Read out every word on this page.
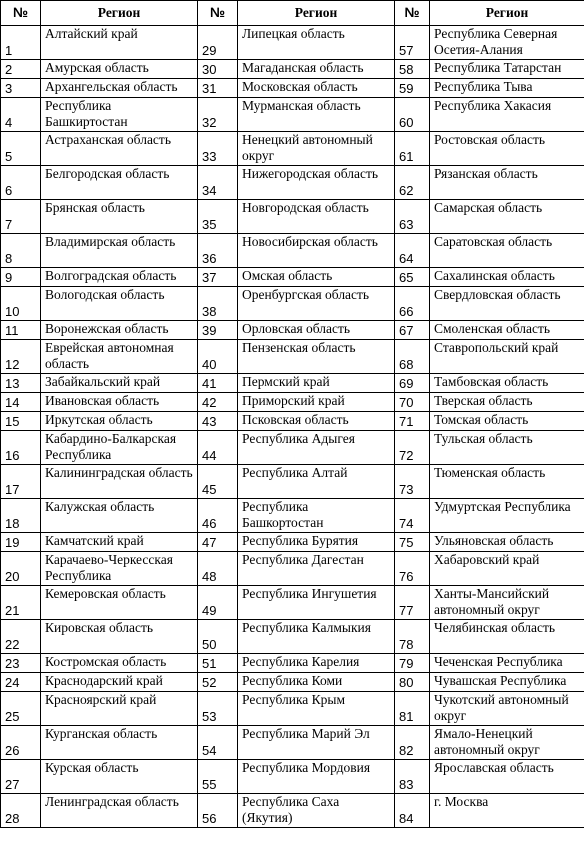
№	Регион	№	Регион	№	Регион
1	Алтайский край	29	Липецкая область	57	Республика Северная Осетия-Алания
2	Амурская область	30	Магаданская область	58	Республика Татарстан
3	Архангельская область	31	Московская область	59	Республика Тыва
4	Республика Башкиртостан	32	Мурманская область	60	Республика Хакасия
5	Астраханская область	33	Ненецкий автономный округ	61	Ростовская область
6	Белгородская область	34	Нижегородская область	62	Рязанская область
7	Брянская область	35	Новгородская область	63	Самарская область
8	Владимирская область	36	Новосибирская область	64	Саратовская область
9	Волгоградская область	37	Омская область	65	Сахалинская область
10	Вологодская область	38	Оренбургская область	66	Свердловская область
11	Воронежская область	39	Орловская область	67	Смоленская область
12	Еврейская автономная область	40	Пензенская область	68	Ставропольский край
13	Забайкальский край	41	Пермский край	69	Тамбовская область
14	Ивановская область	42	Приморский край	70	Тверская область
15	Иркутская область	43	Псковская область	71	Томская область
16	Кабардино-Балкарская Республика	44	Республика Адыгея	72	Тульская область
17	Калининградская область	45	Республика Алтай	73	Тюменская область
18	Калужская область	46	Республика Башкортостан	74	Удмуртская Республика
19	Камчатский край	47	Республика Бурятия	75	Ульяновская область
20	Карачаево-Черкесская Республика	48	Республика Дагестан	76	Хабаровский край
21	Кемеровская область	49	Республика Ингушетия	77	Ханты-Мансийский автономный округ
22	Кировская область	50	Республика Калмыкия	78	Челябинская область
23	Костромская область	51	Республика Карелия	79	Чеченская Республика
24	Краснодарский край	52	Республика Коми	80	Чувашская Республика
25	Красноярский край	53	Республика Крым	81	Чукотский автономный округ
26	Курганская область	54	Республика Марий Эл	82	Ямало-Ненецкий автономный округ
27	Курская область	55	Республика Мордовия	83	Ярославская область
28	Ленинградская область	56	Республика Саха (Якутия)	84	г. Москва
